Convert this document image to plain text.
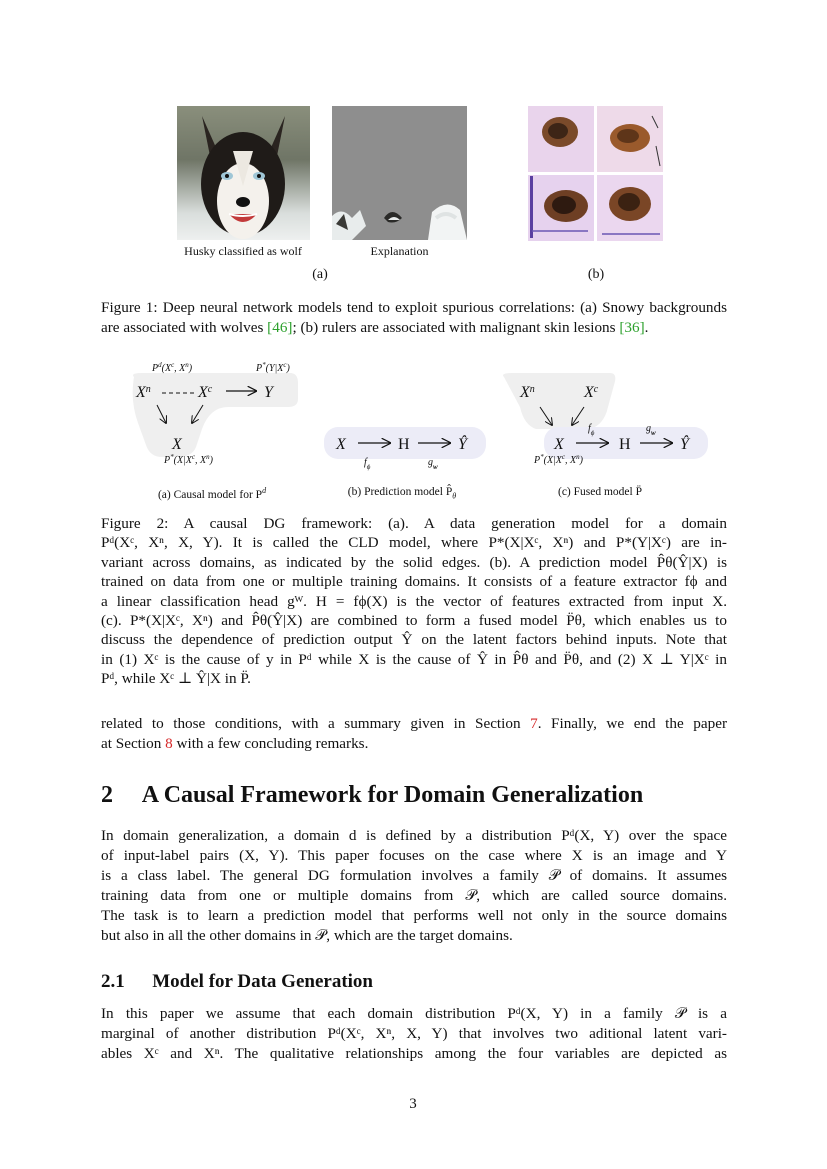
Husky classified as wolf	Explanation
(a)	(b)
Figure 1: Deep neural network models tend to exploit spurious correlations: (a) Snowy backgrounds are associated with wolves [46]; (b) rulers are associated with malignant skin lesions [36].
$P^d(X^c$, $X^n$)	$P^*(Y|X^c)$
$X^n$	$X^c$	Y
X
$P^*(X|X^c$, $X^n$)
X	H	Ŷ
$f_\phi$	$g_w$
$X^n$	$X^c$
X	H	Ŷ
$f_\phi$	$g_w$
$P^*(X|X^c$, $X^n$)
(a) Causal model for $P^d$	(b) Prediction model $P̂_\theta$	(c) Fused model P̈
Figure 2: A causal DG framework: (a). A data generation model for a domain
Pᵈ(Xᶜ, Xⁿ, X, Y). It is called the CLD model, where P*(X|Xᶜ, Xⁿ) and P*(Y|Xᶜ) are in-
variant across domains, as indicated by the solid edges. (b). A prediction model P̂θ(Ŷ|X) is
trained on data from one or multiple training domains. It consists of a feature extractor fϕ and
a linear classification head gᵂ. H = fϕ(X) is the vector of features extracted from input X.
(c). P*(X|Xᶜ, Xⁿ) and P̂θ(Ŷ|X) are combined to form a fused model P̈θ, which enables us to
discuss the dependence of prediction output Ŷ on the latent factors behind inputs. Note that
in (1) Xᶜ is the cause of y in Pᵈ while X is the cause of Ŷ in P̂θ and P̈θ, and (2) X ⊥ Y|Xᶜ in
Pᵈ, while Xᶜ ⊥ Ŷ|X in P̈.
related to those conditions, with a summary given in Section 7. Finally, we end the paper
at Section 8 with a few concluding remarks.
2 A Causal Framework for Domain Generalization
In domain generalization, a domain d is defined by a distribution Pᵈ(X, Y) over the space
of input-label pairs (X, Y). This paper focuses on the case where X is an image and Y
is a class label. The general DG formulation involves a family 𝒫 of domains. It assumes
training data from one or multiple domains from 𝒫, which are called source domains.
The task is to learn a prediction model that performs well not only in the source domains
but also in all the other domains in 𝒫, which are the target domains.
2.1 Model for Data Generation
In this paper we assume that each domain distribution Pᵈ(X, Y) in a family 𝒫 is a
marginal of another distribution Pᵈ(Xᶜ, Xⁿ, X, Y) that involves two aditional latent vari-
ables Xᶜ and Xⁿ. The qualitative relationships among the four variables are depicted as
3
